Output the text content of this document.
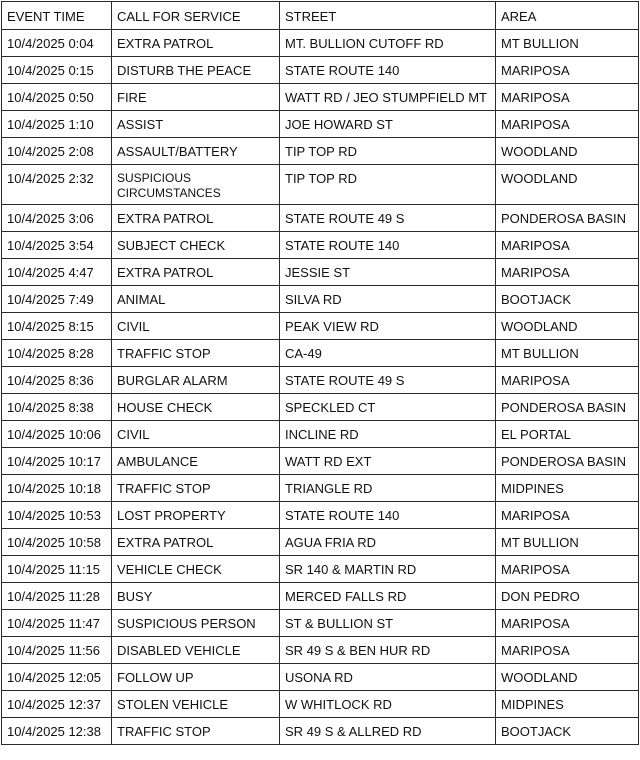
EVENT TIME	CALL FOR SERVICE	STREET	AREA
10/4/2025 0:04	EXTRA PATROL	MT. BULLION CUTOFF RD	MT BULLION
10/4/2025 0:15	DISTURB THE PEACE	STATE ROUTE 140	MARIPOSA
10/4/2025 0:50	FIRE	WATT RD / JEO STUMPFIELD MT	MARIPOSA
10/4/2025 1:10	ASSIST	JOE HOWARD ST	MARIPOSA
10/4/2025 2:08	ASSAULT/BATTERY	TIP TOP RD	WOODLAND
10/4/2025 2:32	SUSPICIOUS CIRCUMSTANCES	TIP TOP RD	WOODLAND
10/4/2025 3:06	EXTRA PATROL	STATE ROUTE 49 S	PONDEROSA BASIN
10/4/2025 3:54	SUBJECT CHECK	STATE ROUTE 140	MARIPOSA
10/4/2025 4:47	EXTRA PATROL	JESSIE ST	MARIPOSA
10/4/2025 7:49	ANIMAL	SILVA RD	BOOTJACK
10/4/2025 8:15	CIVIL	PEAK VIEW RD	WOODLAND
10/4/2025 8:28	TRAFFIC STOP	CA-49	MT BULLION
10/4/2025 8:36	BURGLAR ALARM	STATE ROUTE 49 S	MARIPOSA
10/4/2025 8:38	HOUSE CHECK	SPECKLED CT	PONDEROSA BASIN
10/4/2025 10:06	CIVIL	INCLINE RD	EL PORTAL
10/4/2025 10:17	AMBULANCE	WATT RD EXT	PONDEROSA BASIN
10/4/2025 10:18	TRAFFIC STOP	TRIANGLE RD	MIDPINES
10/4/2025 10:53	LOST PROPERTY	STATE ROUTE 140	MARIPOSA
10/4/2025 10:58	EXTRA PATROL	AGUA FRIA RD	MT BULLION
10/4/2025 11:15	VEHICLE CHECK	SR 140 & MARTIN RD	MARIPOSA
10/4/2025 11:28	BUSY	MERCED FALLS RD	DON PEDRO
10/4/2025 11:47	SUSPICIOUS PERSON	ST & BULLION ST	MARIPOSA
10/4/2025 11:56	DISABLED VEHICLE	SR 49 S & BEN HUR RD	MARIPOSA
10/4/2025 12:05	FOLLOW UP	USONA RD	WOODLAND
10/4/2025 12:37	STOLEN VEHICLE	W WHITLOCK RD	MIDPINES
10/4/2025 12:38	TRAFFIC STOP	SR 49 S & ALLRED RD	BOOTJACK
